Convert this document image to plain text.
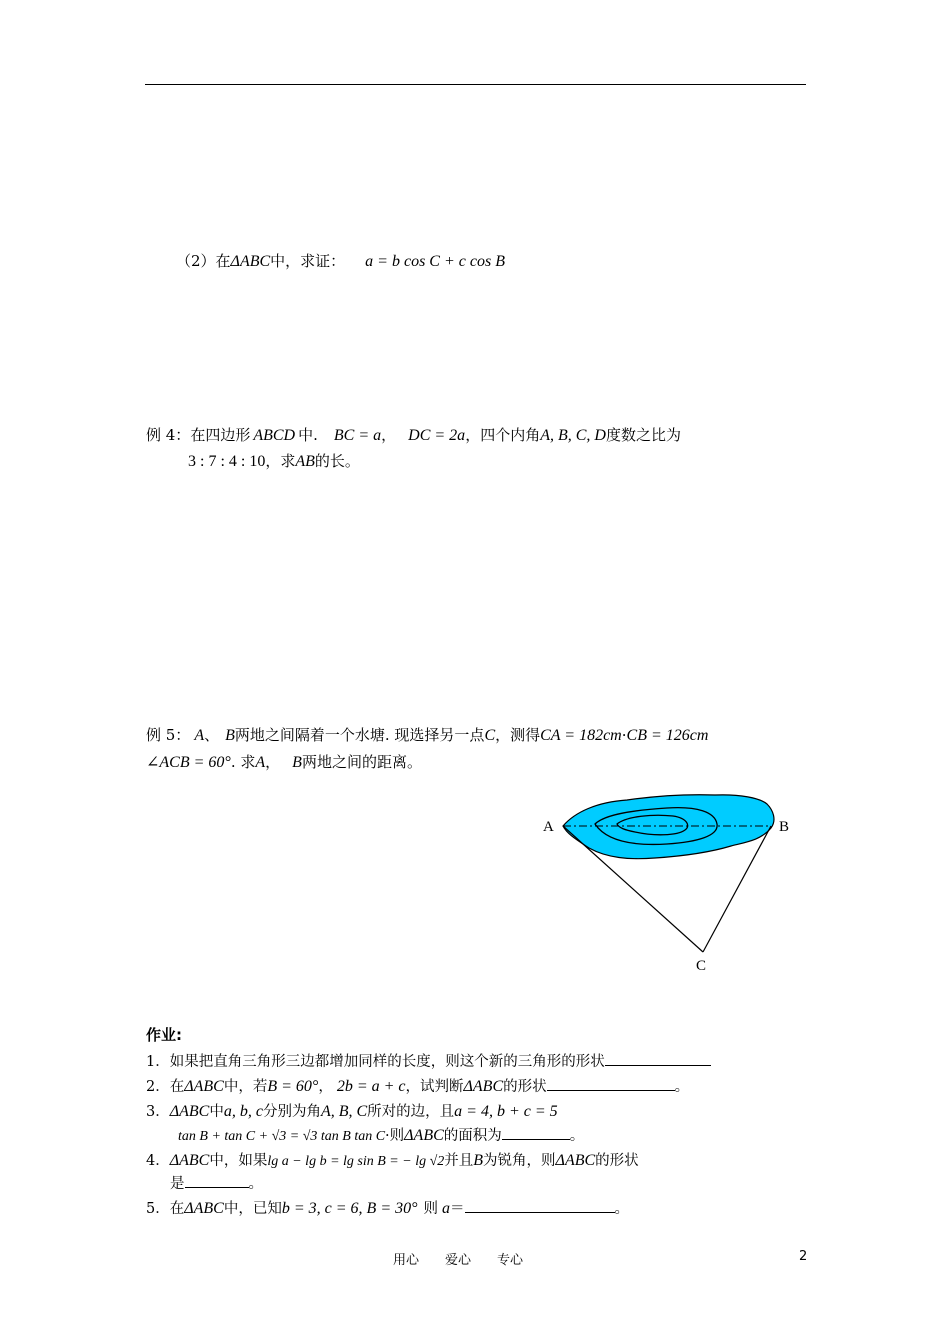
（2）在ΔABC中，求证： a = b cos C + c cos B
例 4：在四边形 ABCD 中. BC = a， DC = 2a，四个内角A, B, C, D度数之比为
3 : 7 : 4 : 10，求AB的长。
例 5： A、 B两地之间隔着一个水塘. 现选择另一点C，测得CA = 182cm·CB = 126cm
∠ACB = 60°. 求A， B两地之间的距离。
A	B
C
作业:
1．如果把直角三角形三边都增加同样的长度，则这个新的三角形的形状
2．在ΔABC中，若B = 60°， 2b = a + c，试判断ΔABC的形状	。
3．ΔABC中a, b, c分别为角A, B, C所对的边，且a = 4, b + c = 5
tan B + tan C + √3 = √3 tan B tan C·则ΔABC的面积为	。
4．ΔABC中，如果lg a − lg b = lg sin B = − lg √2并且B为锐角，则ΔABC的形状
是	。
5．在ΔABC中，已知b = 3, c = 6, B = 30° 则 a＝	。
用心 爱心 专心	2
